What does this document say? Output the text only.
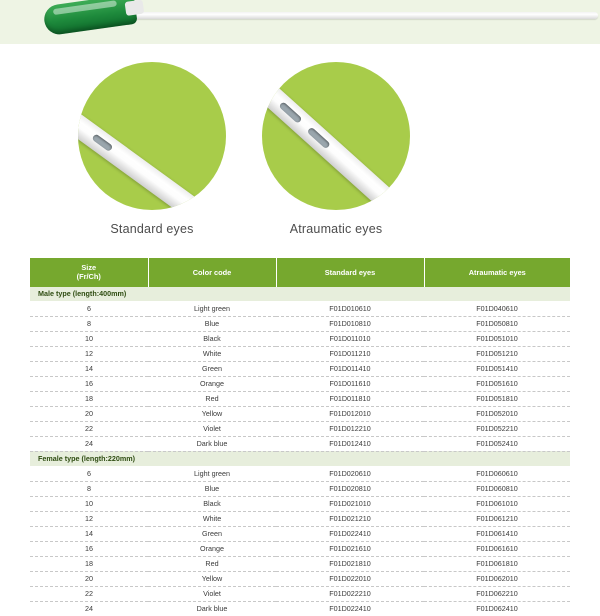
Standard eyes	Atraumatic eyes
Size
(Fr/Ch)	Color code	Standard eyes	Atraumatic eyes
Male type (length:400mm)			
6	Light green	F01D010610	F01D040610
8	Blue	F01D010810	F01D050810
10	Black	F01D011010	F01D051010
12	White	F01D011210	F01D051210
14	Green	F01D011410	F01D051410
16	Orange	F01D011610	F01D051610
18	Red	F01D011810	F01D051810
20	Yellow	F01D012010	F01D052010
22	Violet	F01D012210	F01D052210
24	Dark blue	F01D012410	F01D052410
Female type (length:220mm)			
6	Light green	F01D020610	F01D060610
8	Blue	F01D020810	F01D060810
10	Black	F01D021010	F01D061010
12	White	F01D021210	F01D061210
14	Green	F01D022410	F01D061410
16	Orange	F01D021610	F01D061610
18	Red	F01D021810	F01D061810
20	Yellow	F01D022010	F01D062010
22	Violet	F01D022210	F01D062210
24	Dark blue	F01D022410	F01D062410
